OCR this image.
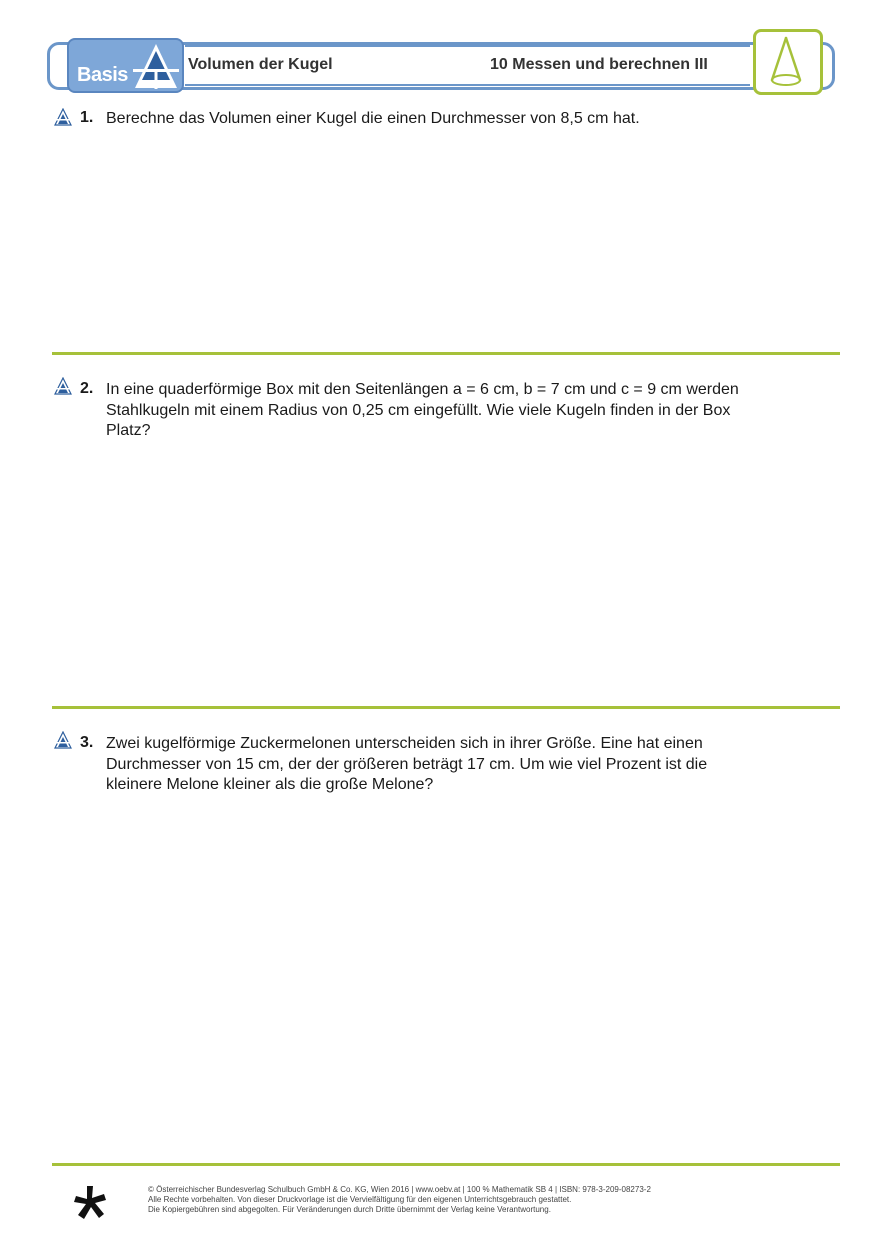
Basis	Volumen der Kugel	10 Messen und berechnen III
1. Berechne das Volumen einer Kugel die einen Durchmesser von 8,5 cm hat.
2. In eine quaderförmige Box mit den Seitenlängen a = 6 cm, b = 7 cm und c = 9 cm werden
Stahlkugeln mit einem Radius von 0,25 cm eingefüllt. Wie viele Kugeln finden in der Box
Platz?
3. Zwei kugelförmige Zuckermelonen unterscheiden sich in ihrer Größe. Eine hat einen
Durchmesser von 15 cm, der der größeren beträgt 17 cm. Um wie viel Prozent ist die
kleinere Melone kleiner als die große Melone?
© Österreichischer Bundesverlag Schulbuch GmbH & Co. KG, Wien 2016 | www.oebv.at | 100 % Mathematik SB 4 | ISBN: 978-3-209-08273-2
Alle Rechte vorbehalten. Von dieser Druckvorlage ist die Vervielfältigung für den eigenen Unterrichtsgebrauch gestattet.
Die Kopiergebühren sind abgegolten. Für Veränderungen durch Dritte übernimmt der Verlag keine Verantwortung.
